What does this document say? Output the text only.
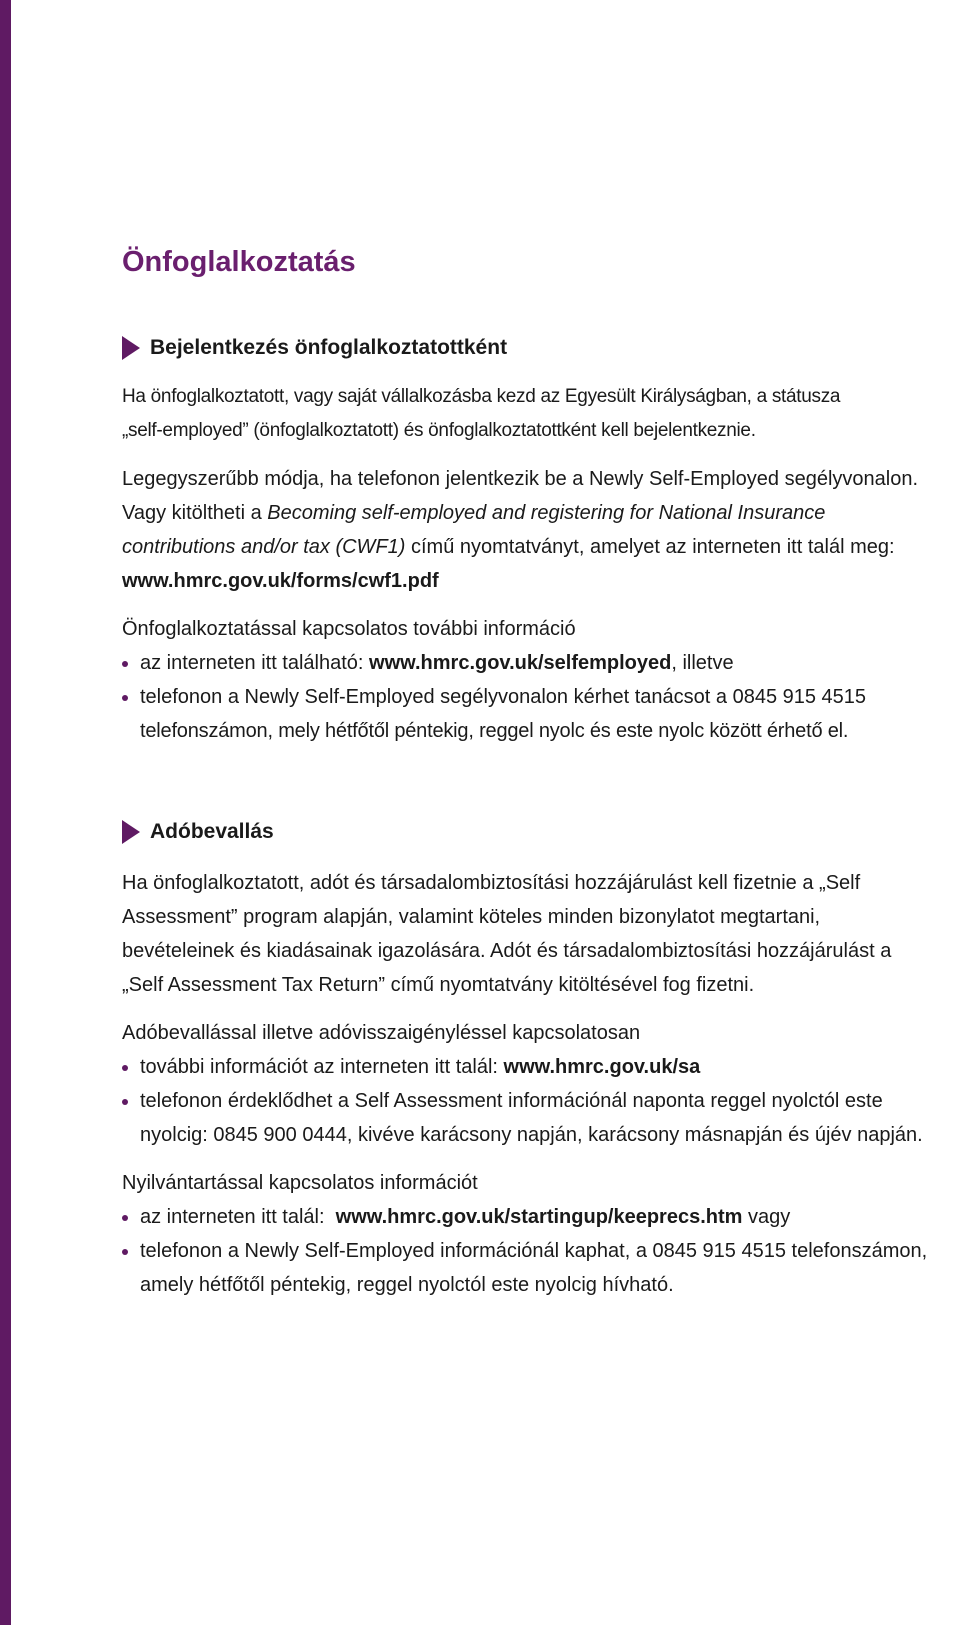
Önfoglalkoztatás
Bejelentkezés önfoglalkoztatottként

Ha önfoglalkoztatott, vagy saját vállalkozásba kezd az Egyesült Királyságban, a státusza

„self-employed” (önfoglalkoztatott) és önfoglalkoztatottként kell bejelentkeznie.

Legegyszerűbb módja, ha telefonon jelentkezik be a Newly Self-Employed segélyvonalon. Vagy kitöltheti a Becoming self-employed and registering for National Insurance contributions and/or tax (CWF1) című nyomtatványt, amelyet az interneten itt talál meg: www.hmrc.gov.uk/forms/cwf1.pdf

Önfoglalkoztatással kapcsolatos további információ

az interneten itt található: www.hmrc.gov.uk/selfemployed, illetve
telefonon a Newly Self-Employed segélyvonalon kérhet tanácsot a 0845 915 4515
telefonszámon, mely hétfőtől péntekig, reggel nyolc és este nyolc között érhető el.
Adóbevallás

Ha önfoglalkoztatott, adót és társadalombiztosítási hozzájárulást kell fizetnie a „Self Assessment” program alapján, valamint köteles minden bizonylatot megtartani, bevételeinek és kiadásainak igazolására. Adót és társadalombiztosítási hozzájárulást a „Self Assessment Tax Return” című nyomtatvány kitöltésével fog fizetni.

Adóbevallással illetve adóvisszaigényléssel kapcsolatosan

további információt az interneten itt talál: www.hmrc.gov.uk/sa
telefonon érdeklődhet a Self Assessment információnál naponta reggel nyolctól este nyolcig: 0845 900 0444, kivéve karácsony napján, karácsony másnapján és újév napján.

Nyilvántartással kapcsolatos információt

az interneten itt talál:  www.hmrc.gov.uk/startingup/keeprecs.htm vagy
telefonon a Newly Self-Employed információnál kaphat, a 0845 915 4515 telefonszámon, amely hétfőtől péntekig, reggel nyolctól este nyolcig hívható.
